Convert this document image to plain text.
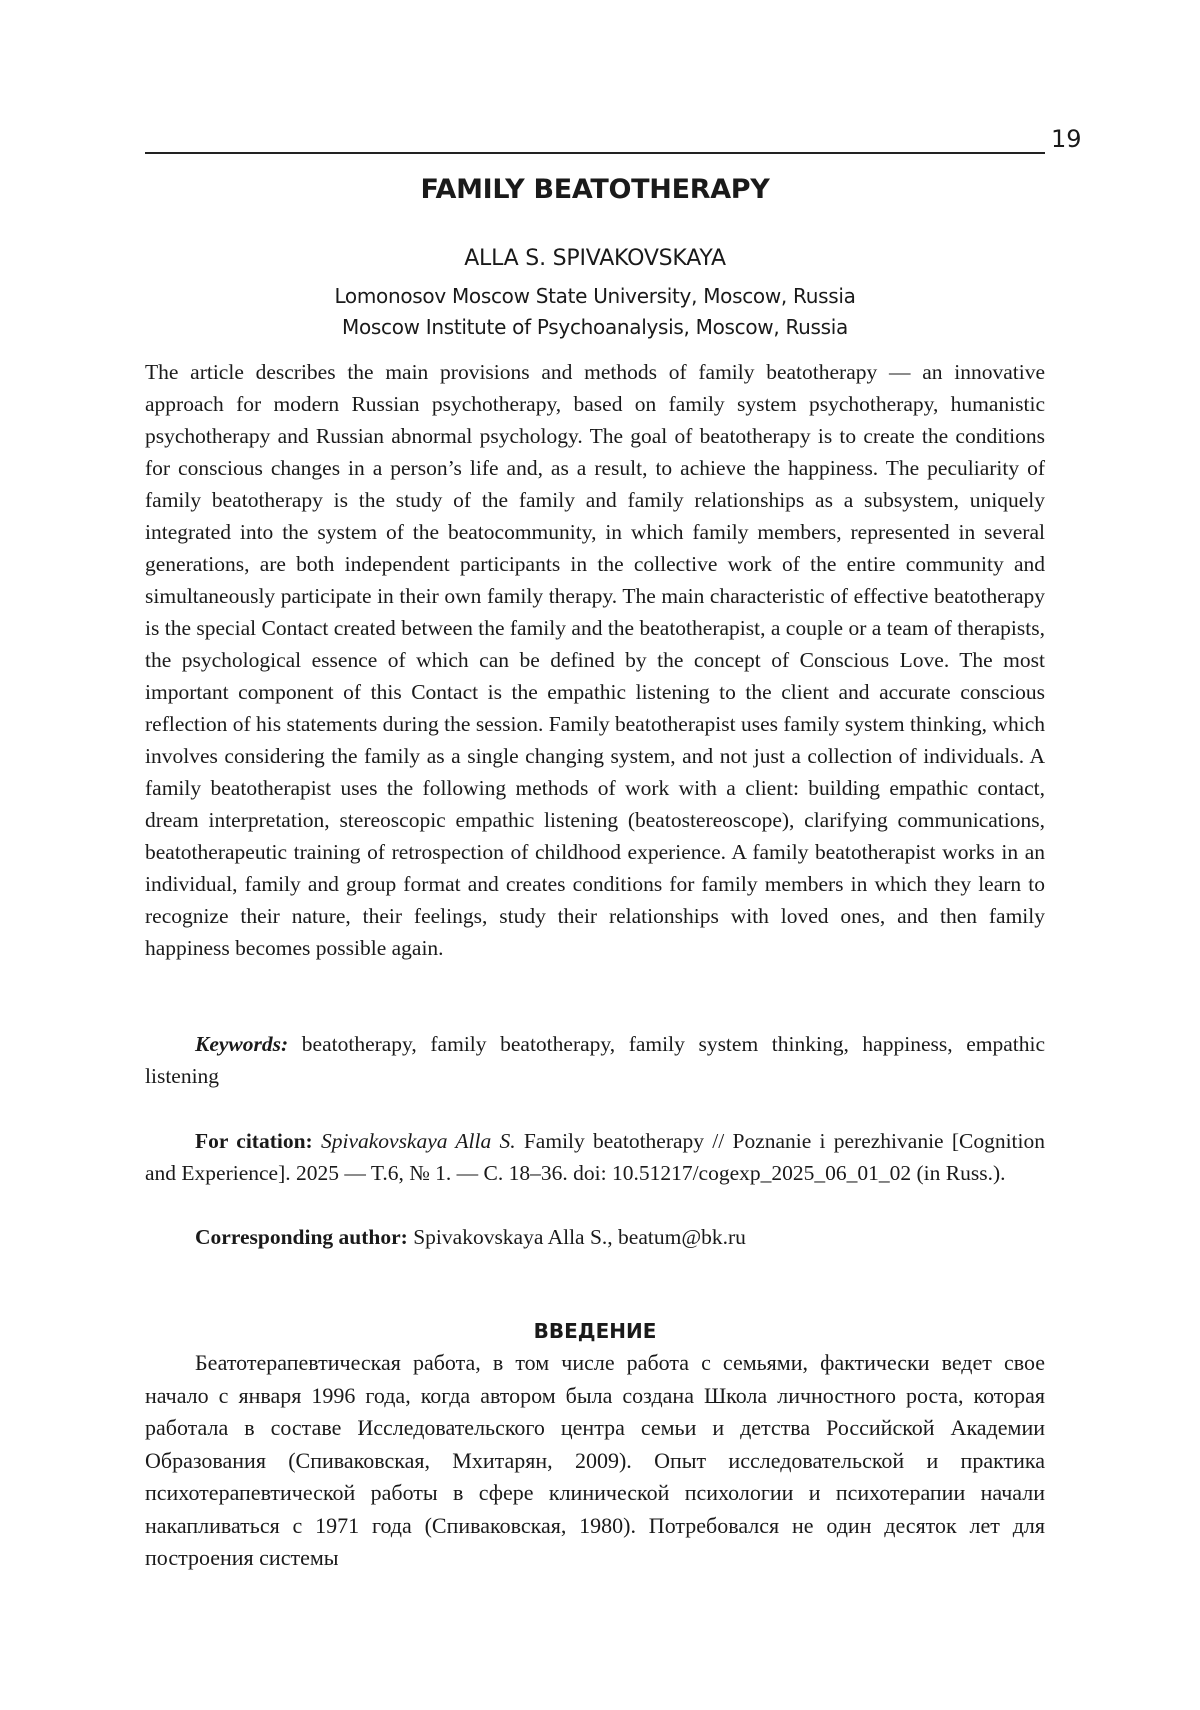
19
FAMILY BEATOTHERAPY
ALLA S. SPIVAKOVSKAYA
Lomonosov Moscow State University, Moscow, Russia
Moscow Institute of Psychoanalysis, Moscow, Russia

The article describes the main provisions and methods of family beatotherapy — an innovative approach for modern Russian psychotherapy, based on family system psychotherapy, humanistic psychotherapy and Russian abnormal psychology. The goal of beatotherapy is to create the conditions for conscious changes in a person’s life and, as a result, to achieve the happiness. The peculiarity of family beatotherapy is the study of the family and family relationships as a subsystem, uniquely integrated into the system of the beatocommunity, in which family members, represented in several generations, are both independent participants in the collective work of the entire community and simultaneously participate in their own family therapy. The main characteristic of effective beatotherapy is the special Contact created between the family and the beatotherapist, a couple or a team of therapists, the psychological essence of which can be defined by the concept of Conscious Love. The most important component of this Contact is the empathic listening to the client and accurate conscious reflection of his statements during the session. Family beatotherapist uses family system thinking, which involves considering the family as a single changing system, and not just a collection of individuals. A family beatotherapist uses the following methods of work with a client: building empathic contact, dream interpretation, stereoscopic empathic listening (beatostereoscope), clarifying communications, beatotherapeutic training of retrospection of childhood experience. A family beatotherapist works in an individual, family and group format and creates conditions for family members in which they learn to recognize their nature, their feelings, study their relationships with loved ones, and then family happiness becomes possible again.

Keywords: beatotherapy, family beatotherapy, family system thinking, happiness, empathic listening

For citation: Spivakovskaya Alla S. Family beatotherapy // Poznanie i perezhivanie [Cognition and Experience]. 2025 — T.6, № 1. — С. 18–36. doi: 10.51217/cogexp_2025_06_01_02 (in Russ.).

Corresponding author: Spivakovskaya Alla S., beatum@bk.ru

ВВЕДЕНИЕ

Беатотерапевтическая работа, в том числе работа с семьями, фактически ведет свое начало с января 1996 года, когда автором была создана Школа личностного роста, которая работала в составе Исследовательского центра семьи и детства Российской Академии Образования (Спиваковская, Мхитарян, 2009). Опыт исследовательской и практика психотерапевтической работы в сфере клинической психологии и психотерапии начали накапливаться с 1971 года (Спиваковская, 1980). Потребовался не один десяток лет для построения системы
